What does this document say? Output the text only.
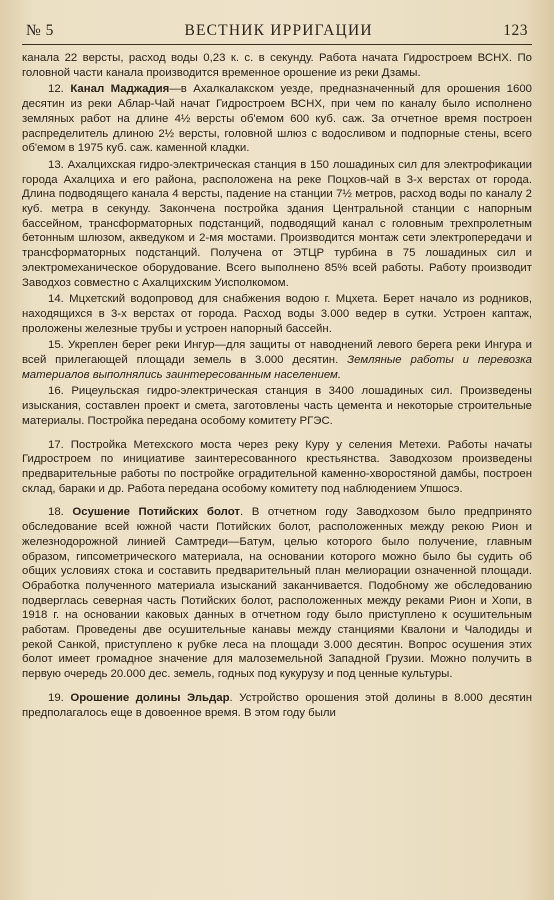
№ 5	ВЕСТНИК ИРРИГАЦИИ	123

канала 22 версты, расход воды 0,23 к. с. в секунду. Работа начата Гидростроем ВСНХ. По головной части канала производится временное орошение из реки Дзамы.

12. Канал Маджадия—в Ахалкалакском уезде, предназначенный для орошения 1600 десятин из реки Аблар-Чай начат Гидростроем ВСНХ, при чем по каналу было исполнено земляных работ на длине 4½ версты об'емом 600 куб. саж. За отчетное время построен распределитель длиною 2½ версты, головной шлюз с водосливом и подпорные стены, всего об'емом в 1975 куб. саж. каменной кладки.

13. Ахалцихская гидро-электрическая станция в 150 лошадиных сил для электрофикации города Ахалциха и его района, расположена на реке Поцхов-чай в 3-х верстах от города. Длина подводящего канала 4 версты, падение на станции 7½ метров, расход воды по каналу 2 куб. метра в секунду. Закончена постройка здания Центральной станции с напорным бассейном, трансформаторных подстанций, подводящий канал с головным трехпролетным бетонным шлюзом, акведуком и 2-мя мостами. Производится монтаж сети электропередачи и трансформаторных подстанций. Получена от ЭТЦР турбина в 75 лошадиных сил и электромеханическое оборудование. Всего выполнено 85% всей работы. Работу производит Заводхоз совместно с Ахалцихским Уисполкомом.

14. Мцхетский водопровод для снабжения водою г. Мцхета. Берет начало из родников, находящихся в 3-х верстах от города. Расход воды 3.000 ведер в сутки. Устроен каптаж, проложены железные трубы и устроен напорный бассейн.

15. Укреплен берег реки Ингур—для защиты от наводнений левого берега реки Ингура и всей прилегающей площади земель в 3.000 десятин. Земляные работы и перевозка материалов выполнялись заинтересованным населением.

16. Рицеульская гидро-электрическая станция в 3400 лошадиных сил. Произведены изыскания, составлен проект и смета, заготовлены часть цемента и некоторые строительные материалы. Постройка передана особому комитету РГЭС.

17. Постройка Метехского моста через реку Куру у селения Метехи. Работы начаты Гидростроем по инициативе заинтересованного крестьянства. Заводхозом произведены предварительные работы по постройке оградительной каменно-хворостяной дамбы, построен склад, бараки и др. Работа передана особому комитету под наблюдением Упшосэ.

18. Осушение Потийских болот. В отчетном году Заводхозом было предпринято обследование всей южной части Потийских болот, расположенных между рекою Рион и железнодорожной линией Самтреди—Батум, целью которого было получение, главным образом, гипсометрического материала, на основании которого можно было бы судить об общих условиях стока и составить предварительный план мелиорации означенной площади. Обработка полученного материала изысканий заканчивается. Подобному же обследованию подверглась северная часть Потийских болот, расположенных между реками Рион и Хопи, в 1918 г. на основании каковых данных в отчетном году было приступлено к осушительным работам. Проведены две осушительные канавы между станциями Квалони и Чалодиды и рекой Санкой, приступлено к рубке леса на площади 3.000 десятин. Вопрос осушения этих болот имеет громадное значение для малоземельной Западной Грузии. Можно получить в первую очередь 20.000 дес. земель, годных под кукурузу и под ценные культуры.

19. Орошение долины Эльдар. Устройство орошения этой долины в 8.000 десятин предполагалось еще в довоенное время. В этом году были
